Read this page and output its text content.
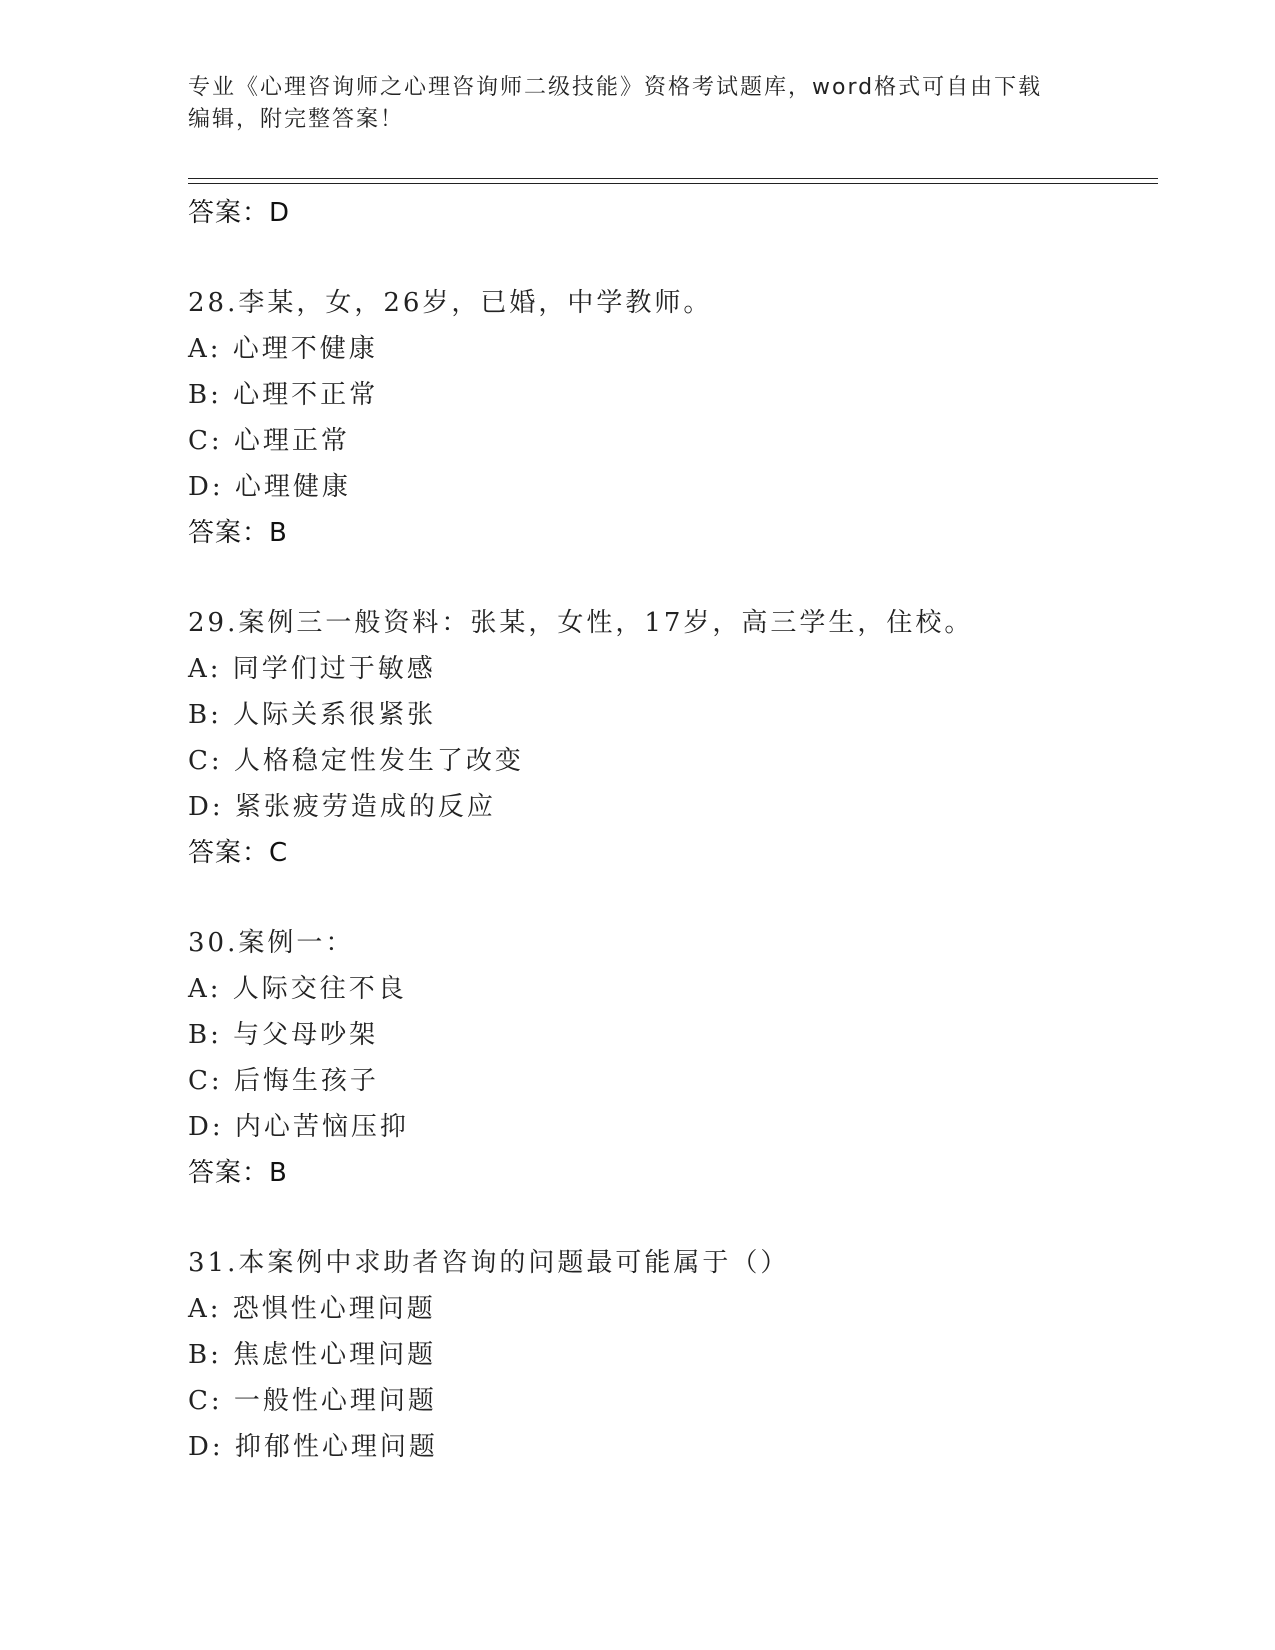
专业《心理咨询师之心理咨询师二级技能》资格考试题库，word格式可自由下载
编辑，附完整答案！
答案：D
28.李某，女，26岁，已婚，中学教师。
A: 心理不健康
B: 心理不正常
C: 心理正常
D: 心理健康
答案：B
29.案例三一般资料：张某，女性，17岁，高三学生，住校。
A: 同学们过于敏感
B: 人际关系很紧张
C: 人格稳定性发生了改变
D: 紧张疲劳造成的反应
答案：C
30.案例一：
A: 人际交往不良
B: 与父母吵架
C: 后悔生孩子
D: 内心苦恼压抑
答案：B
31.本案例中求助者咨询的问题最可能属于（）
A: 恐惧性心理问题
B: 焦虑性心理问题
C: 一般性心理问题
D: 抑郁性心理问题
